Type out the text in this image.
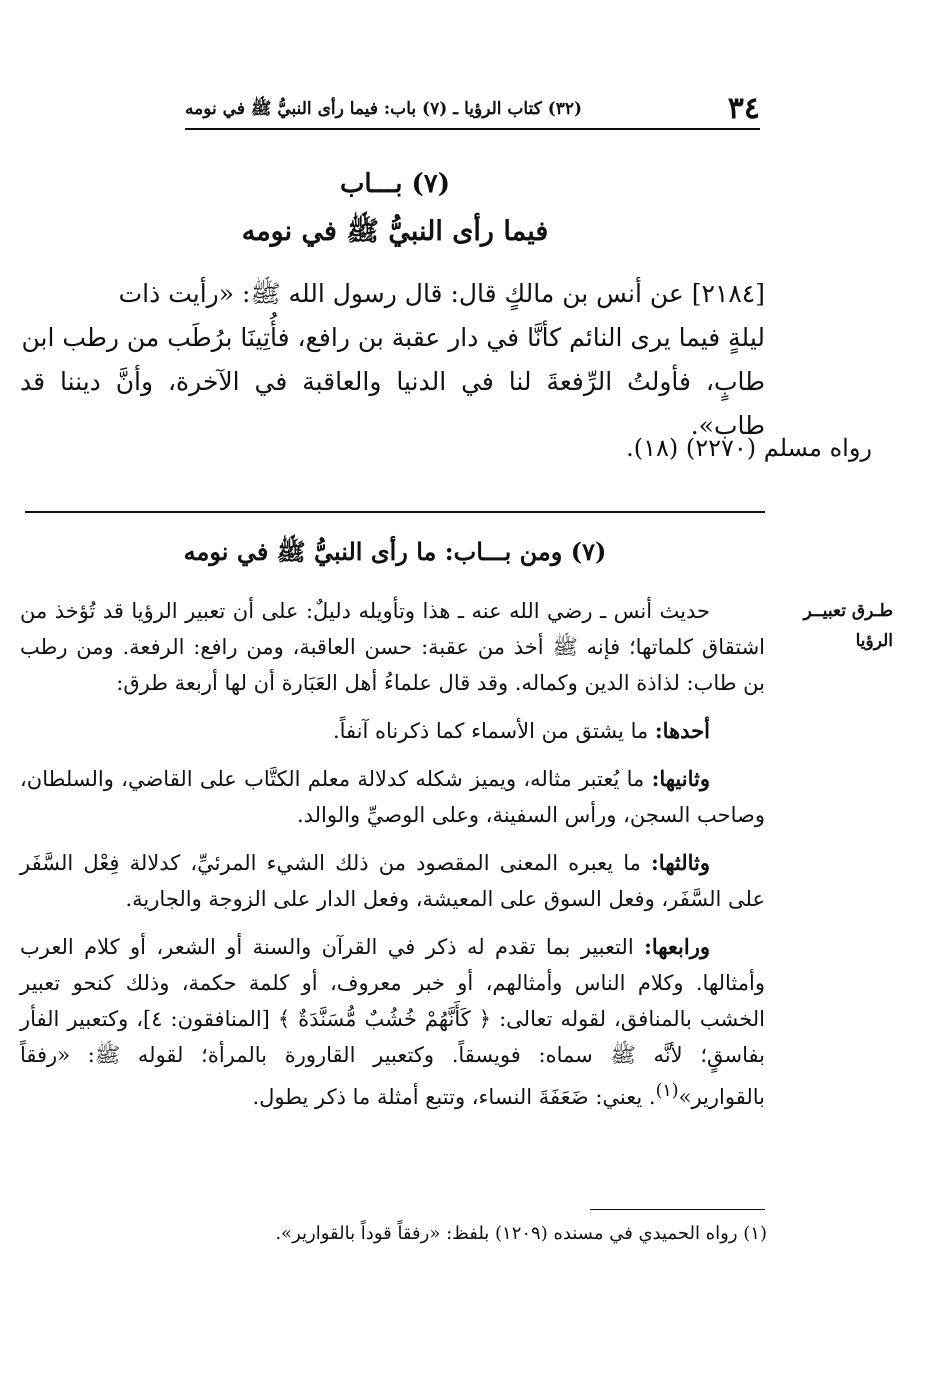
٣٤
(٣٢) كتاب الرؤيا ـ (٧) باب: فيما رأى النبيُّ ﷺ في نومه
(٧) بـــاب
فيما رأى النبيُّ ﷺ في نومه

[٢١٨٤] عن أنس بن مالكٍ قال: قال رسول الله ﷺ: «رأيت ذات

ليلةٍ فيما يرى النائم كأنَّا في دار عقبة بن رافع، فأُتِينَا برُطَب من رطب ابن

طابٍ، فأولتُ الرِّفعةَ لنا في الدنيا والعاقبة في الآخرة، وأنَّ ديننا قد طاب».

رواه مسلم (٢٢٧٠) (١٨).
(٧) ومن بـــاب: ما رأى النبيُّ ﷺ في نومه
طـرق تعبيــر
الرؤيا

حديث أنس ـ رضي الله عنه ـ هذا وتأويله دليلٌ: على أن تعبير الرؤيا قد تُؤخذ من اشتقاق كلماتها؛ فإنه ﷺ أخذ من عقبة: حسن العاقبة، ومن رافع: الرفعة. ومن رطب بن طاب: لذاذة الدين وكماله. وقد قال علماءُ أهل العَبَارة أن لها أربعة طرق:

أحدها: ما يشتق من الأسماء كما ذكرناه آنفاً.

وثانيها: ما يُعتبر مثاله، ويميز شكله كدلالة معلم الكتَّاب على القاضي، والسلطان، وصاحب السجن، ورأس السفينة، وعلى الوصيِّ والوالد.

وثالثها: ما يعبره المعنى المقصود من ذلك الشيء المرئيِّ، كدلالة فِعْل السَّفَر على السَّفَر، وفعل السوق على المعيشة، وفعل الدار على الزوجة والجارية.

ورابعها: التعبير بما تقدم له ذكر في القرآن والسنة أو الشعر، أو كلام العرب وأمثالها. وكلام الناس وأمثالهم، أو خبر معروف، أو كلمة حكمة، وذلك كنحو تعبير الخشب بالمنافق، لقوله تعالى: ﴿ كَأَنَّهُمْ خُشُبٌ مُّسَنَّدَةٌ ﴾ [المنافقون: ٤]، وكتعبير الفأر بفاسقٍ؛ لأنَّه ﷺ سماه: فويسقاً. وكتعبير القارورة بالمرأة؛ لقوله ﷺ: «رفقاً بالقوارير»$^{(١)}$. يعني: ضَعَفَةَ النساء، وتتبع أمثلة ما ذكر يطول.

(١) رواه الحميدي في مسنده (١٢٠٩) بلفظ: «رفقاً قوداً بالقوارير».
